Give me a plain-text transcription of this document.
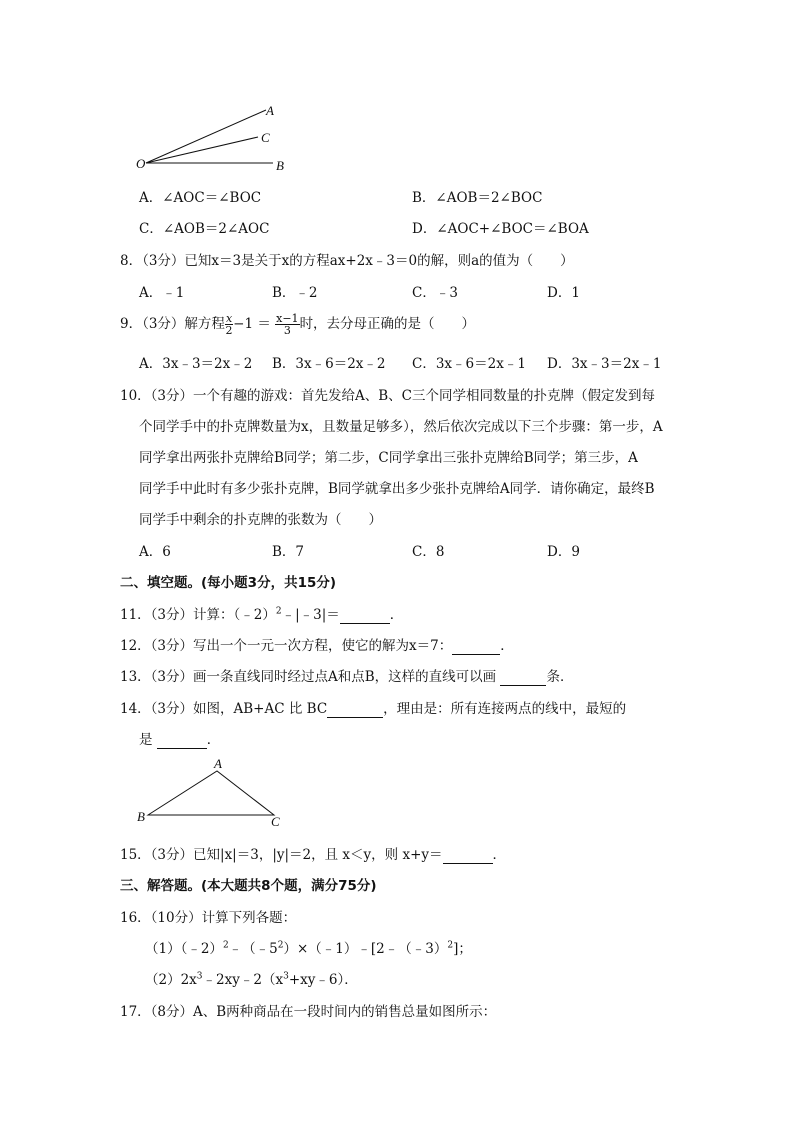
A
C
O	B
A．∠AOC＝∠BOC	B．∠AOB＝2∠BOC
C．∠AOB＝2∠AOC	D．∠AOC+∠BOC＝∠BOA
8．（3分）已知x＝3是关于x的方程ax+2x﹣3＝0的解，则a的值为（　　）
A．﹣1	B．﹣2	C．﹣3	D．1
9．（3分）解方程 $\frac{x}{2} -1 = \frac{x-1}{3}$ 时，去分母正确的是（　　）
A．3x﹣3＝2x﹣2 B．3x﹣6＝2x﹣2 C．3x﹣6＝2x﹣1 D．3x﹣3＝2x﹣1
10．（3分）一个有趣的游戏：首先发给A、B、C三个同学相同数量的扑克牌（假定发到每
个同学手中的扑克牌数量为x，且数量足够多），然后依次完成以下三个步骤：第一步，A
同学拿出两张扑克牌给B同学；第二步，C同学拿出三张扑克牌给B同学；第三步，A
同学手中此时有多少张扑克牌，B同学就拿出多少张扑克牌给A同学．请你确定，最终B
同学手中剩余的扑克牌的张数为（　　）
A．6	B．7	C．8	D．9
二、填空题。(每小题3分，共15分)
11．（3分）计算：（﹣2）$^2$﹣|﹣3|＝	．
12．（3分）写出一个一元一次方程，使它的解为x＝7：	．
13．（3分）画一条直线同时经过点A和点B，这样的直线可以画	条．
14．（3分）如图，AB+AC 比 BC	，理由是：所有连接两点的线中，最短的
是	．
A
B	C
15．（3分）已知|x|＝3，|y|＝2，且 x＜y，则 x+y＝	．
三、解答题。(本大题共8个题，满分75分)
16．（10分）计算下列各题：
$(1)(﹣2)^2﹣(﹣5^2)\times(﹣1)﹣[2﹣(﹣3)^2]$；
$(2)2x^3﹣2xy﹣2(x^3+xy﹣6)$．
17．（8分）A、B两种商品在一段时间内的销售总量如图所示：
